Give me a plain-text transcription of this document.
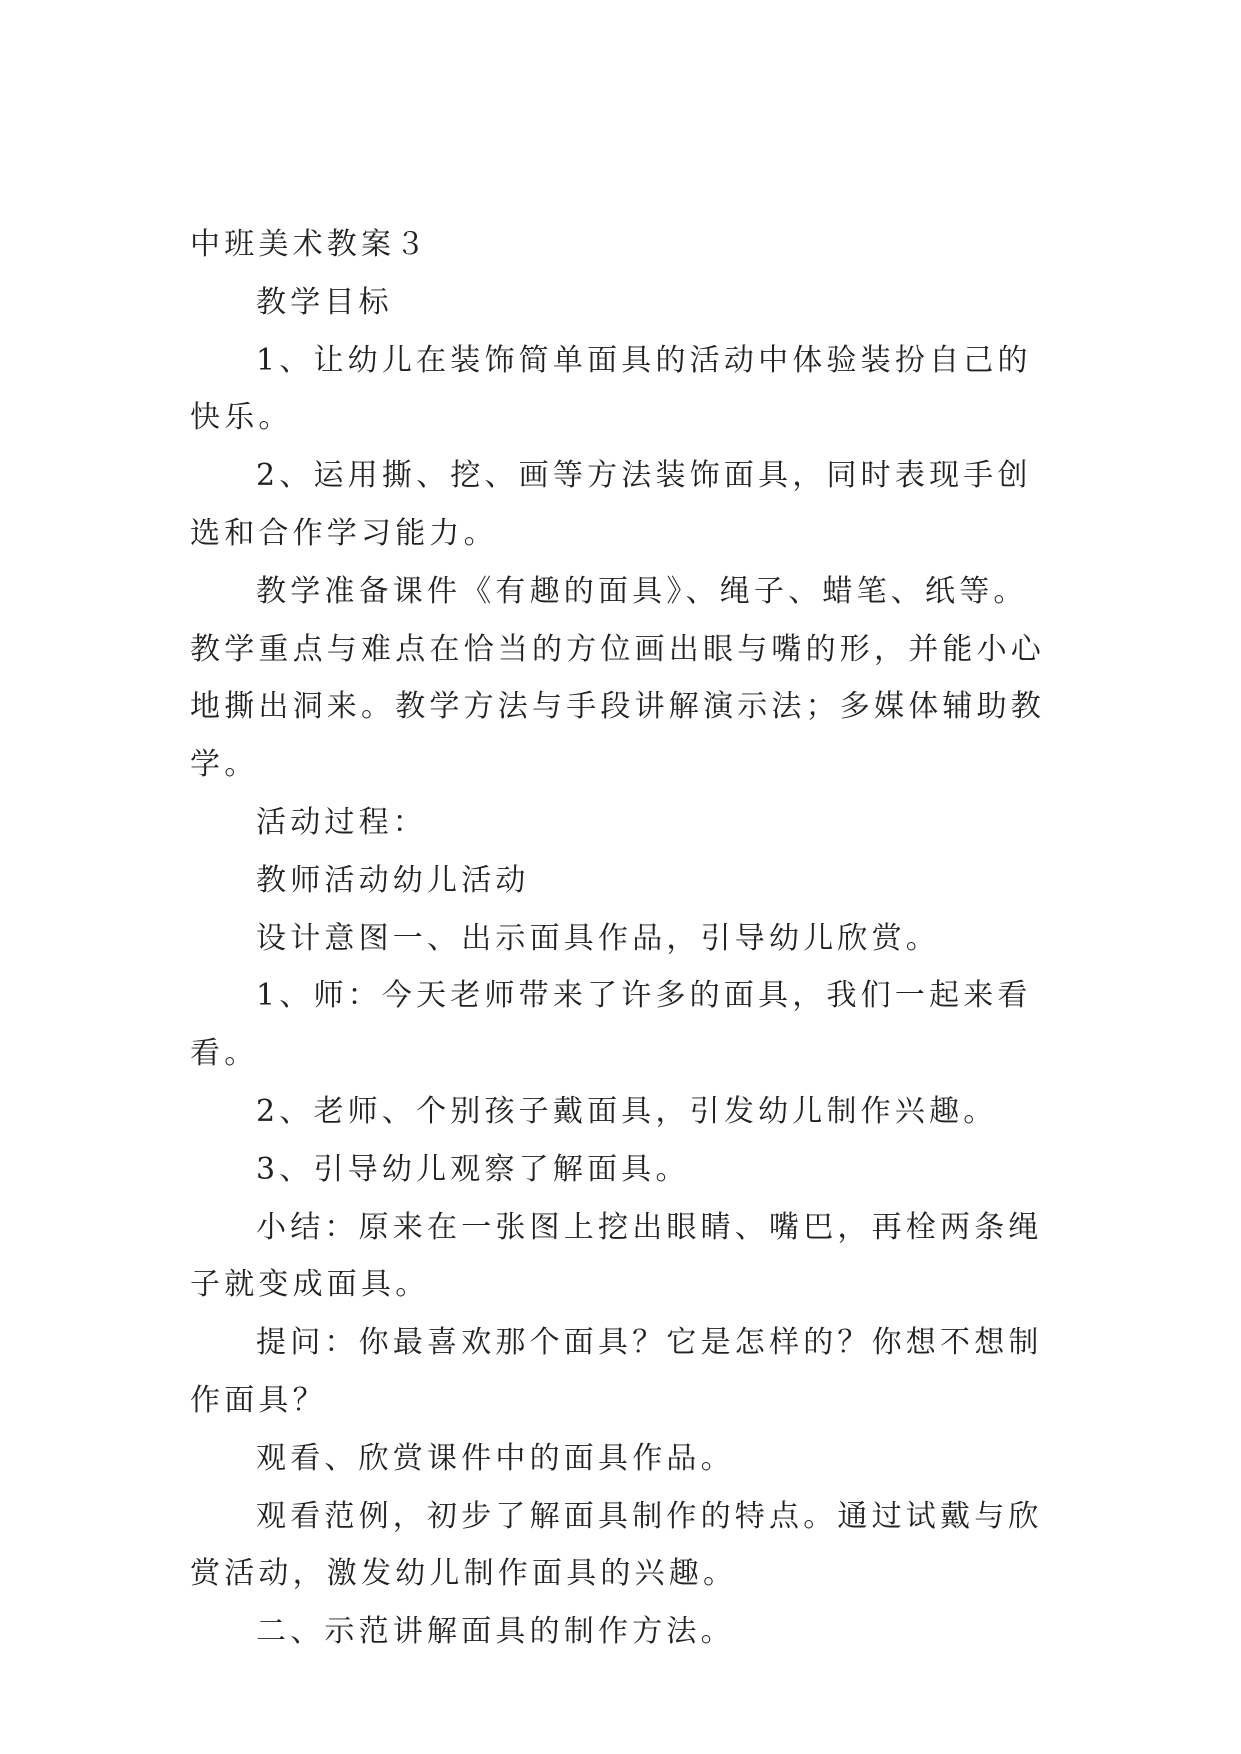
中班美术教案３

教学目标

1、让幼儿在装饰简单面具的活动中体验装扮自己的快乐。

2、运用撕、挖、画等方法装饰面具，同时表现手创选和合作学习能力。

教学准备课件《有趣的面具》、绳子、蜡笔、纸等。教学重点与难点在恰当的方位画出眼与嘴的形，并能小心地撕出洞来。教学方法与手段讲解演示法；多媒体辅助教学。

活动过程：

教师活动幼儿活动

设计意图一、出示面具作品，引导幼儿欣赏。

1、师：今天老师带来了许多的面具，我们一起来看看。

2、老师、个别孩子戴面具，引发幼儿制作兴趣。

3、引导幼儿观察了解面具。

小结：原来在一张图上挖出眼睛、嘴巴，再栓两条绳子就变成面具。

提问：你最喜欢那个面具？它是怎样的？你想不想制作面具？

观看、欣赏课件中的面具作品。

观看范例，初步了解面具制作的特点。通过试戴与欣赏活动，激发幼儿制作面具的兴趣。

二、示范讲解面具的制作方法。
